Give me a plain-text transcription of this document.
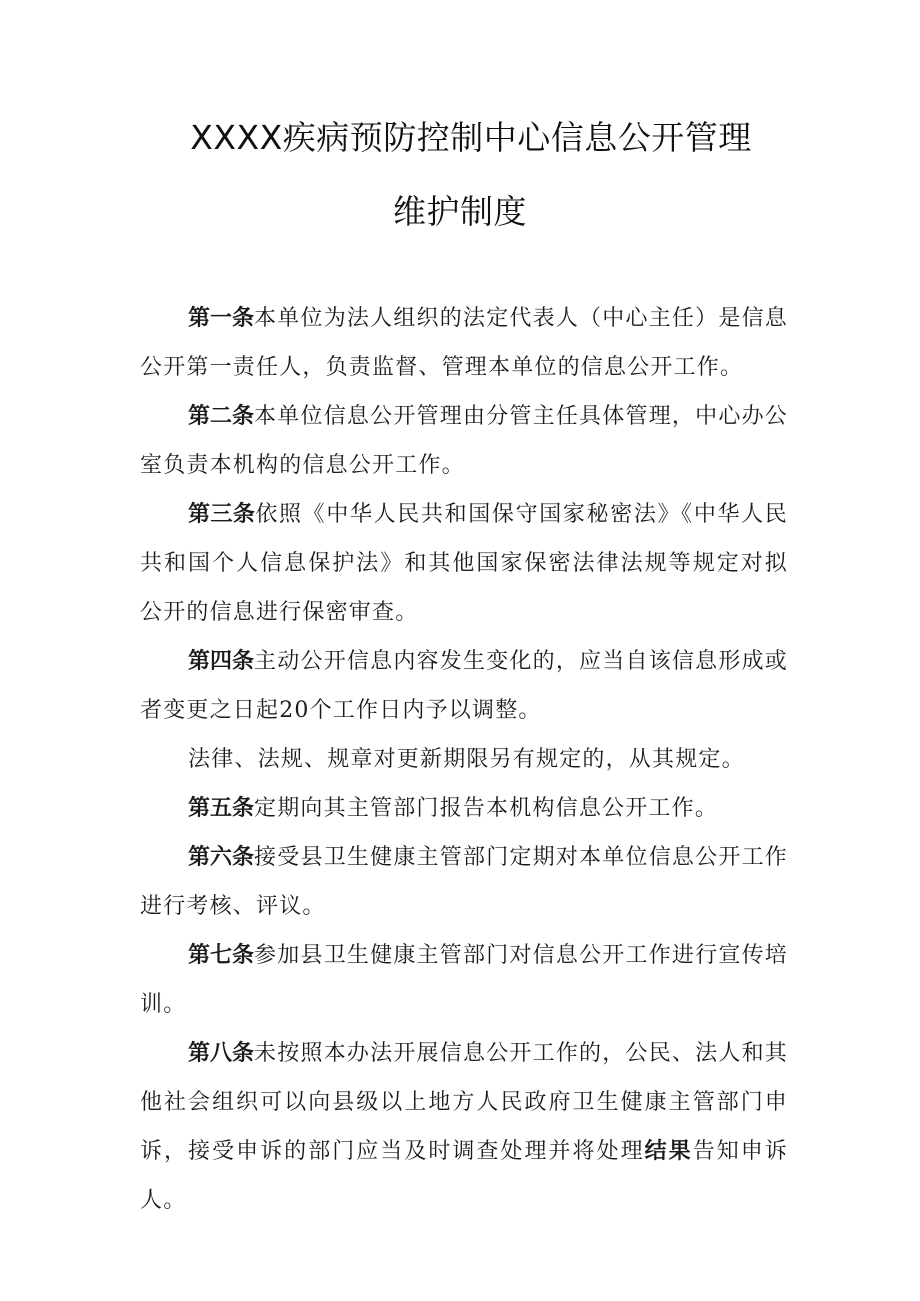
XXXX疾病预防控制中心信息公开管理
维护制度

第一条本单位为法人组织的法定代表人（中心主任）是信息公开第一责任人，负责监督、管理本单位的信息公开工作。

第二条本单位信息公开管理由分管主任具体管理，中心办公室负责本机构的信息公开工作。

第三条依照《中华人民共和国保守国家秘密法》《中华人民共和国个人信息保护法》和其他国家保密法律法规等规定对拟公开的信息进行保密审查。

第四条主动公开信息内容发生变化的，应当自该信息形成或者变更之日起20个工作日内予以调整。

法律、法规、规章对更新期限另有规定的，从其规定。

第五条定期向其主管部门报告本机构信息公开工作。

第六条接受县卫生健康主管部门定期对本单位信息公开工作进行考核、评议。

第七条参加县卫生健康主管部门对信息公开工作进行宣传培训。

第八条未按照本办法开展信息公开工作的，公民、法人和其他社会组织可以向县级以上地方人民政府卫生健康主管部门申诉，接受申诉的部门应当及时调查处理并将处理结果告知申诉人。
